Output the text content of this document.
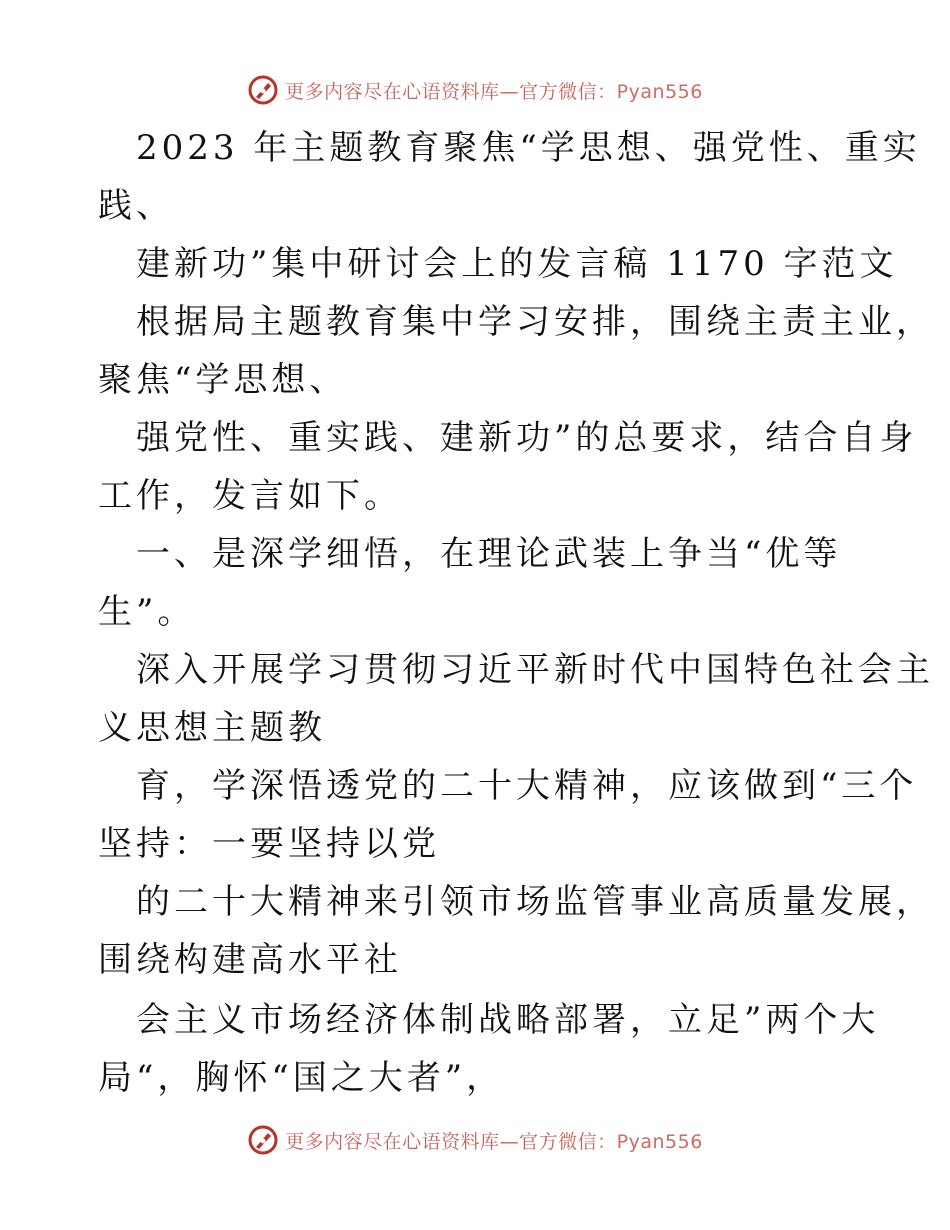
更多内容尽在心语资料库—官方微信：Pyan556
2023 年主题教育聚焦“学思想、强党性、重实
践、
建新功”集中研讨会上的发言稿 1170 字范文
根据局主题教育集中学习安排，围绕主责主业，
聚焦“学思想、
强党性、重实践、建新功”的总要求，结合自身
工作，发言如下。
一、是深学细悟，在理论武装上争当“优等
生”。
深入开展学习贯彻习近平新时代中国特色社会主
义思想主题教
育，学深悟透党的二十大精神，应该做到“三个
坚持：一要坚持以党
的二十大精神来引领市场监管事业高质量发展，
围绕构建高水平社
会主义市场经济体制战略部署，立足”两个大
局“，胸怀“国之大者”，
更多内容尽在心语资料库—官方微信：Pyan556
